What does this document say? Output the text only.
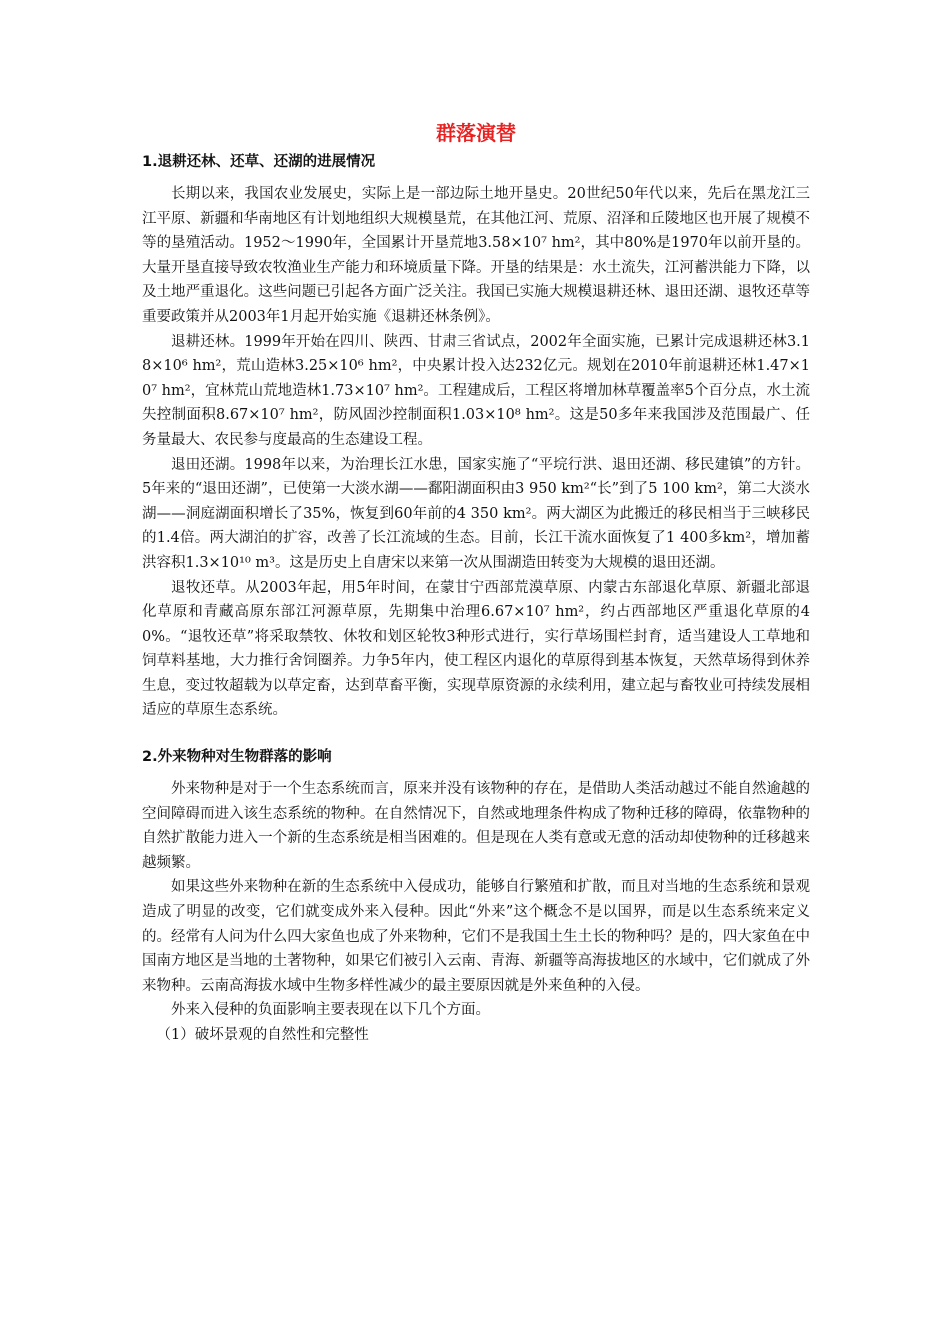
群落演替
1.退耕还林、还草、还湖的进展情况

长期以来，我国农业发展史，实际上是一部边际土地开垦史。20世纪50年代以来，先后在黑龙江三江平原、新疆和华南地区有计划地组织大规模垦荒，在其他江河、荒原、沼泽和丘陵地区也开展了规模不等的垦殖活动。1952～1990年，全国累计开垦荒地3.58×10⁷ hm²，其中80%是1970年以前开垦的。大量开垦直接导致农牧渔业生产能力和环境质量下降。开垦的结果是：水土流失，江河蓄洪能力下降，以及土地严重退化。这些问题已引起各方面广泛关注。我国已实施大规模退耕还林、退田还湖、退牧还草等重要政策并从2003年1月起开始实施《退耕还林条例》。

退耕还林。1999年开始在四川、陕西、甘肃三省试点，2002年全面实施，已累计完成退耕还林3.18×10⁶ hm²，荒山造林3.25×10⁶ hm²，中央累计投入达232亿元。规划在2010年前退耕还林1.47×10⁷ hm²，宜林荒山荒地造林1.73×10⁷ hm²。工程建成后，工程区将增加林草覆盖率5个百分点，水土流失控制面积8.67×10⁷ hm²，防风固沙控制面积1.03×10⁸ hm²。这是50多年来我国涉及范围最广、任务量最大、农民参与度最高的生态建设工程。

退田还湖。1998年以来，为治理长江水患，国家实施了“平垸行洪、退田还湖、移民建镇”的方针。5年来的“退田还湖”，已使第一大淡水湖——鄱阳湖面积由3 950 km²“长”到了5 100 km²，第二大淡水湖——洞庭湖面积增长了35%，恢复到60年前的4 350 km²。两大湖区为此搬迁的移民相当于三峡移民的1.4倍。两大湖泊的扩容，改善了长江流域的生态。目前，长江干流水面恢复了1 400多km²，增加蓄洪容积1.3×10¹⁰ m³。这是历史上自唐宋以来第一次从围湖造田转变为大规模的退田还湖。

退牧还草。从2003年起，用5年时间，在蒙甘宁西部荒漠草原、内蒙古东部退化草原、新疆北部退化草原和青藏高原东部江河源草原，先期集中治理6.67×10⁷ hm²，约占西部地区严重退化草原的40%。“退牧还草”将采取禁牧、休牧和划区轮牧3种形式进行，实行草场围栏封育，适当建设人工草地和饲草料基地，大力推行舍饲圈养。力争5年内，使工程区内退化的草原得到基本恢复，天然草场得到休养生息，变过牧超载为以草定畜，达到草畜平衡，实现草原资源的永续利用，建立起与畜牧业可持续发展相适应的草原生态系统。

2.外来物种对生物群落的影响

外来物种是对于一个生态系统而言，原来并没有该物种的存在，是借助人类活动越过不能自然逾越的空间障碍而进入该生态系统的物种。在自然情况下，自然或地理条件构成了物种迁移的障碍，依靠物种的自然扩散能力进入一个新的生态系统是相当困难的。但是现在人类有意或无意的活动却使物种的迁移越来越频繁。

如果这些外来物种在新的生态系统中入侵成功，能够自行繁殖和扩散，而且对当地的生态系统和景观造成了明显的改变，它们就变成外来入侵种。因此“外来”这个概念不是以国界，而是以生态系统来定义的。经常有人问为什么四大家鱼也成了外来物种，它们不是我国土生土长的物种吗？是的，四大家鱼在中国南方地区是当地的土著物种，如果它们被引入云南、青海、新疆等高海拔地区的水域中，它们就成了外来物种。云南高海拔水域中生物多样性减少的最主要原因就是外来鱼种的入侵。

外来入侵种的负面影响主要表现在以下几个方面。

（1）破坏景观的自然性和完整性
